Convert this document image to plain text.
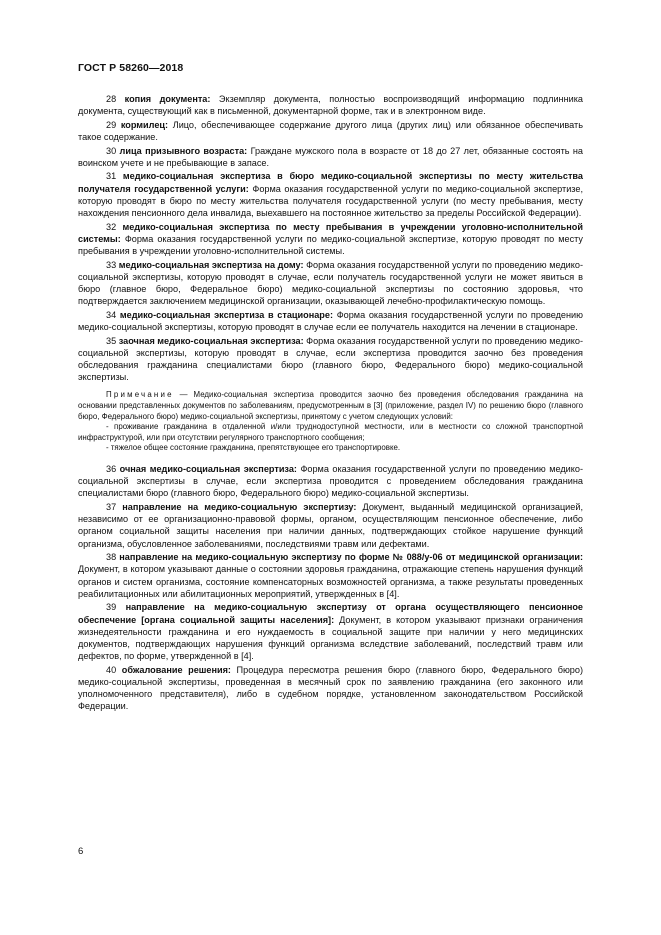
ГОСТ Р 58260—2018

28 копия документа: Экземпляр документа, полностью воспроизводящий информацию подлинника документа, существующий как в письменной, документарной форме, так и в электронном виде.

29 кормилец: Лицо, обеспечивающее содержание другого лица (других лиц) или обязанное обеспечивать такое содержание.

30 лица призывного возраста: Граждане мужского пола в возрасте от 18 до 27 лет, обязанные состоять на воинском учете и не пребывающие в запасе.

31 медико-социальная экспертиза в бюро медико-социальной экспертизы по месту жительства получателя государственной услуги: Форма оказания государственной услуги по медико-социальной экспертизе, которую проводят в бюро по месту жительства получателя государственной услуги (по месту пребывания, месту нахождения пенсионного дела инвалида, выехавшего на постоянное жительство за пределы Российской Федерации).

32 медико-социальная экспертиза по месту пребывания в учреждении уголовно-исполнительной системы: Форма оказания государственной услуги по медико-социальной экспертизе, которую проводят по месту пребывания в учреждении уголовно-исполнительной системы.

33 медико-социальная экспертиза на дому: Форма оказания государственной услуги по проведению медико-социальной экспертизы, которую проводят в случае, если получатель государственной услуги не может явиться в бюро (главное бюро, Федеральное бюро) медико-социальной экспертизы по состоянию здоровья, что подтверждается заключением медицинской организации, оказывающей лечебно-профилактическую помощь.

34 медико-социальная экспертиза в стационаре: Форма оказания государственной услуги по проведению медико-социальной экспертизы, которую проводят в случае если ее получатель находится на лечении в стационаре.

35 заочная медико-социальная экспертиза: Форма оказания государственной услуги по проведению медико-социальной экспертизы, которую проводят в случае, если экспертиза проводится заочно без проведения обследования гражданина специалистами бюро (главного бюро, Федерального бюро) медико-социальной экспертизы.

Примечание — Медико-социальная экспертиза проводится заочно без проведения обследования гражданина на основании представленных документов по заболеваниям, предусмотренным в [3] (приложение, раздел IV) по решению бюро (главного бюро, Федерального бюро) медико-социальной экспертизы, принятому с учетом следующих условий:

- проживание гражданина в отдаленной и/или труднодоступной местности, или в местности со сложной транспортной инфраструктурой, или при отсутствии регулярного транспортного сообщения;

- тяжелое общее состояние гражданина, препятствующее его транспортировке.

36 очная медико-социальная экспертиза: Форма оказания государственной услуги по проведению медико-социальной экспертизы в случае, если экспертиза проводится с проведением обследования гражданина специалистами бюро (главного бюро, Федерального бюро) медико-социальной экспертизы.

37 направление на медико-социальную экспертизу: Документ, выданный медицинской организацией, независимо от ее организационно-правовой формы, органом, осуществляющим пенсионное обеспечение, либо органом социальной защиты населения при наличии данных, подтверждающих стойкое нарушение функций организма, обусловленное заболеваниями, последствиями травм или дефектами.

38 направление на медико-социальную экспертизу по форме № 088/у-06 от медицинской организации: Документ, в котором указывают данные о состоянии здоровья гражданина, отражающие степень нарушения функций органов и систем организма, состояние компенсаторных возможностей организма, а также результаты проведенных реабилитационных или абилитационных мероприятий, утвержденных в [4].

39 направление на медико-социальную экспертизу от органа осуществляющего пенсионное обеспечение [органа социальной защиты населения]: Документ, в котором указывают признаки ограничения жизнедеятельности гражданина и его нуждаемость в социальной защите при наличии у него медицинских документов, подтверждающих нарушения функций организма вследствие заболеваний, последствий травм или дефектов, по форме, утвержденной в [4].

40 обжалование решения: Процедура пересмотра решения бюро (главного бюро, Федерального бюро) медико-социальной экспертизы, проведенная в месячный срок по заявлению гражданина (его законного или уполномоченного представителя), либо в судебном порядке, установленном законодательством Российской Федерации.

6
